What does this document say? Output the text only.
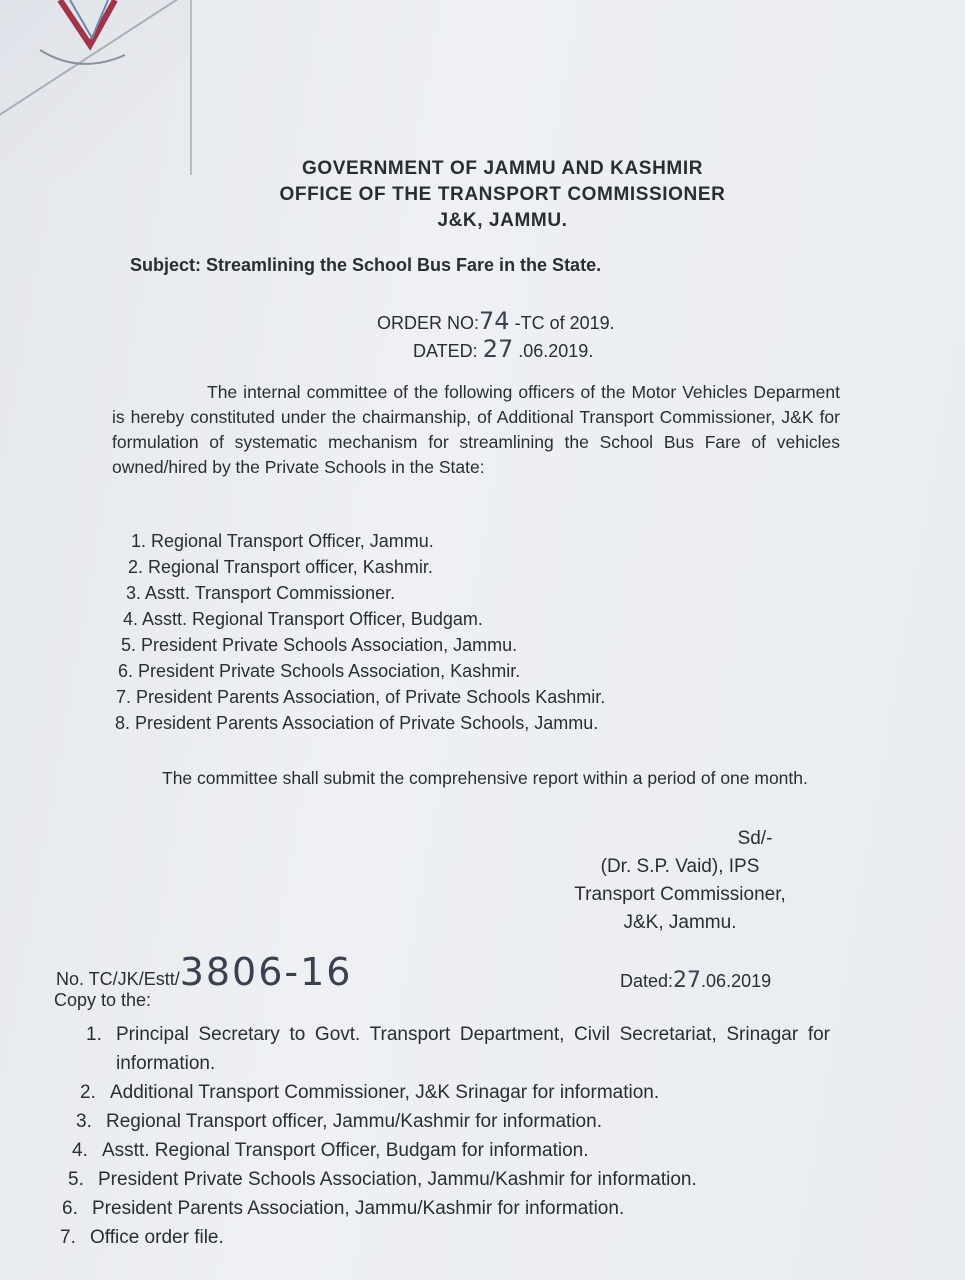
GOVERNMENT OF JAMMU AND KASHMIR
OFFICE OF THE TRANSPORT COMMISSIONER
J&K, JAMMU.
Subject: Streamlining the School Bus Fare in the State.
ORDER NO:74 -TC of 2019.
DATED: 27 .06.2019.
The internal committee of the following officers of the Motor Vehicles Deparment is hereby constituted under the chairmanship, of Additional Transport Commissioner, J&K for formulation of systematic mechanism for streamlining the School Bus Fare of vehicles owned/hired by the Private Schools in the State:
1. Regional Transport Officer, Jammu.
2. Regional Transport officer, Kashmir.
3. Asstt. Transport Commissioner.
4. Asstt. Regional Transport Officer, Budgam.
5. President Private Schools Association, Jammu.
6. President Private Schools Association, Kashmir.
7. President Parents Association, of Private Schools Kashmir.
8. President Parents Association of Private Schools, Jammu.
The committee shall submit the comprehensive report within a period of one month.
Sd/-
(Dr. S.P. Vaid), IPS
Transport Commissioner,
J&K, Jammu.
No. TC/JK/Estt/3806-16	Dated:27.06.2019
Copy to the:
1. Principal Secretary to Govt. Transport Department, Civil Secretariat, Srinagar for information.
2. Additional Transport Commissioner, J&K Srinagar for information.
3. Regional Transport officer, Jammu/Kashmir for information.
4. Asstt. Regional Transport Officer, Budgam for information.
5. President Private Schools Association, Jammu/Kashmir for information.
6. President Parents Association, Jammu/Kashmir for information.
7. Office order file.
